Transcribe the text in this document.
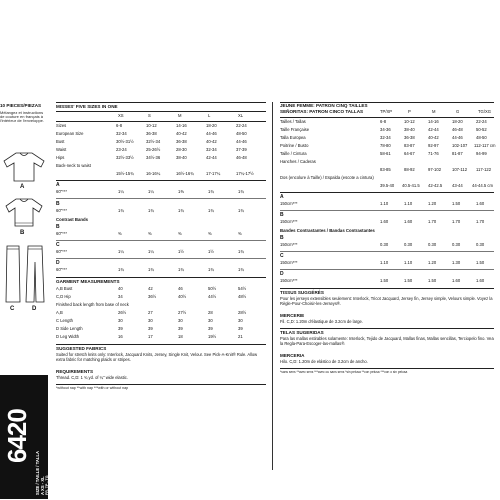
10 PIECES/PIEZAS
Mélangez et instructions de couture en français à l'intérieur de l'enveloppe.
A
B
C	D
6420
SIZE / TAILLE / TALLA A XS - XL FR. TP - TG
MISSES' FIVE SIZES IN ONE
XS	S	M	L	XL
Sizes	6-8	10-12	14-16	18-20	22-24
European Size	32-34	36-38	40-42	44-46	48-50
Bust	30½-31½	32½-34	36-38	40-42	44-46
Waist	23-24	25-26½	28-30	32-34	37-39
Hips	32½-33½	34½-36	38-40	42-44	46-48
Back-neck to waist
15½-15¾	16-16¼	16½-16¾	17-17¼	17¼-17½
A
60"***	1¼	1¼	1⅜	1¾	1¾
B
60"***	1¾	1¾	1¾	1¾	1¾
Contrast Bands
B
60"***	⅜	⅜	⅜	⅜	⅜
C
60"***	1¼	1¼	1½	1½	1¾
D
60"***	1¾	1¾	1¾	1¾	1¾
GARMENT MEASUREMENTS
A,B Bust	40	42	46	50½	54½
C,D Hip	34	36½	40½	44½	48½
Finished back length from base of neck
A,B	26½	27	27½	28	28½
C Length	30	30	30	30	30
D Side Length	39	39	39	39	39
D Leg Width	16	17	18	19½	21
SUGGESTED FABRICS
Suited for stretch knits only: Interlock, Jacquard Knits, Jersey, Single Knit, Velour. See Pick-A-Knit® Rule. Allow extra fabric for matching plaids or stripes.
REQUIREMENTS
Thread. C,D: 1 ¾ yd. of ¼" wide elastic.
*without nap **with nap ***with or without nap
JEUNE FEMME: PATRON CINQ TAILLES
SEÑORITAS: PATRON CINCO TALLAS	TP/XP	P	M	G	TG/XG
Tailles / Tallas	6-8	10-12	14-16	18-20	22-24
Taille Française	34-36	38-40	42-44	46-48	50-52
Talla Europea	32-34	36-38	40-42	44-46	48-50
Poitrine / Busto	78-80	83-87	92-97	102-107 112-117 cm
Taille / Cintura	58-61	64-67	71-76	81-87	94-99
Hanches / Caderas
83-85	88-92	97-102	107-112 117-122
Dos (encolure à Taille) / Espalda (escote a cintura)
39.5-40 40.5-41.5 42-42.5 43-44 44-44.5 cm
A
150cm***	1.10	1.10	1.20	1.50	1.60
B
150cm***	1.60	1.60	1.70	1.70	1.70
Bandes Contrastantes / Bandas Contrastantes
B
150cm***	0.30	0.30	0.30	0.30	0.30
C
150cm***	1.10	1.10	1.20	1.30	1.50
D
150cm***	1.50	1.50	1.50	1.60	1.60
TISSUS SUGGÉRÉS
Pour les jerseys extensibles seulement: Interlock, Tricot Jacquard, Jersey fin, Jersey simple, Velours simple. Voyez la Règle-Pour-Choisir-les-Jerseys®.
MERCERIE
Fil. C,D: 1.20m d'élastique de 3.2cm de large.
TELAS SUGERIDAS
Para las mallas estirables solamente: Interlock, Tejido de Jacquard, Mallas finas, Mallas sencillas, Terciopelo fino. Vea la Regla-Para-Escoger-las-mallas®.
MERCERIA
Hilo. C,D: 1.20m de elástico de 3.2cm de ancho.
*sans sens **avec sens ***avec ou sans sens *sin pelusa **con pelusa ***con o sin pelusa
